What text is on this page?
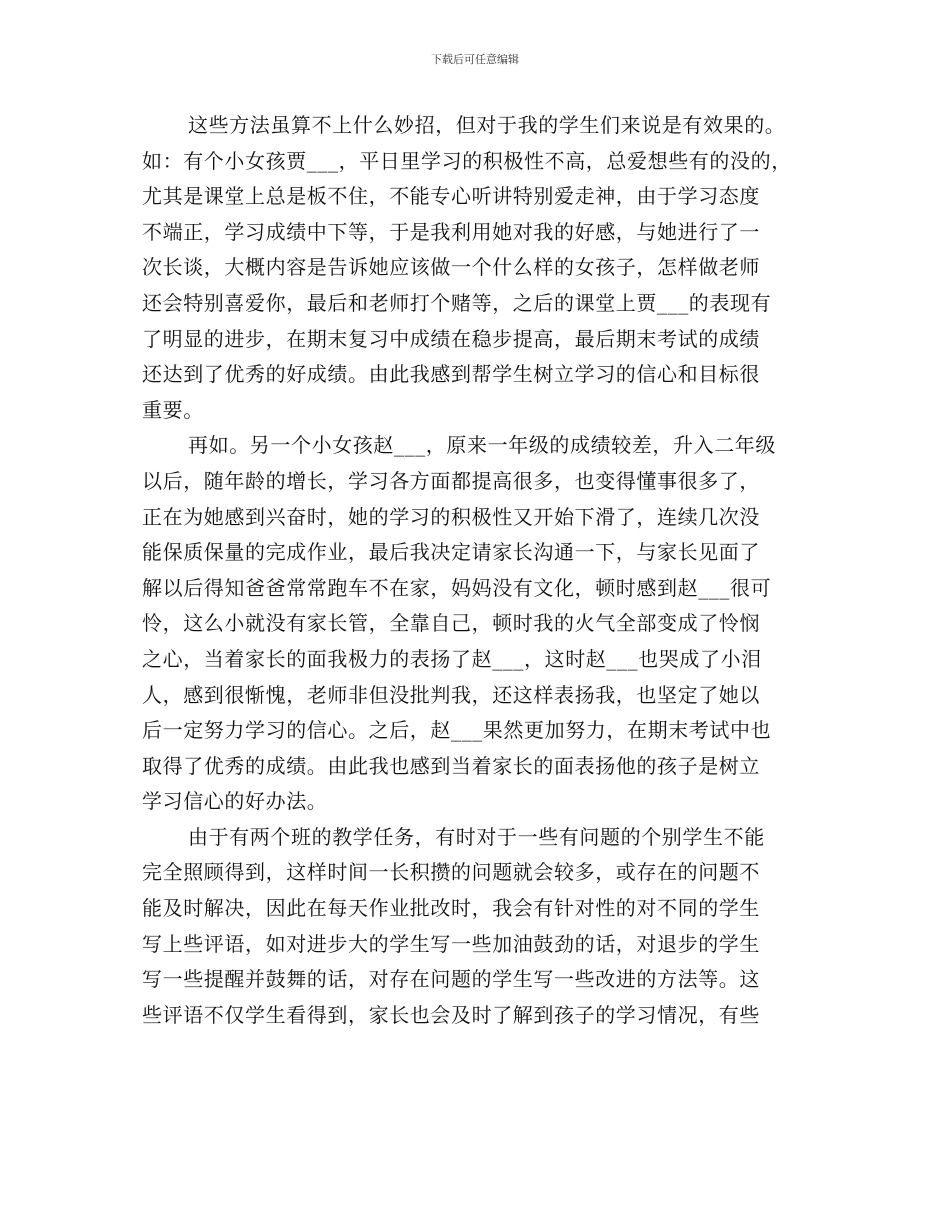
下载后可任意编辑
这些方法虽算不上什么妙招，但对于我的学生们来说是有效果的。
如：有个小女孩贾___，平日里学习的积极性不高，总爱想些有的没的，
尤其是课堂上总是板不住，不能专心听讲特别爱走神，由于学习态度
不端正，学习成绩中下等，于是我利用她对我的好感，与她进行了一
次长谈，大概内容是告诉她应该做一个什么样的女孩子，怎样做老师
还会特别喜爱你，最后和老师打个赌等，之后的课堂上贾___的表现有
了明显的进步，在期末复习中成绩在稳步提高，最后期末考试的成绩
还达到了优秀的好成绩。由此我感到帮学生树立学习的信心和目标很
重要。
再如。另一个小女孩赵___，原来一年级的成绩较差，升入二年级
以后，随年龄的增长，学习各方面都提高很多，也变得懂事很多了，
正在为她感到兴奋时，她的学习的积极性又开始下滑了，连续几次没
能保质保量的完成作业，最后我决定请家长沟通一下，与家长见面了
解以后得知爸爸常常跑车不在家，妈妈没有文化，顿时感到赵___很可
怜，这么小就没有家长管，全靠自己，顿时我的火气全部变成了怜悯
之心，当着家长的面我极力的表扬了赵___，这时赵___也哭成了小泪
人，感到很惭愧，老师非但没批判我，还这样表扬我，也坚定了她以
后一定努力学习的信心。之后，赵___果然更加努力，在期末考试中也
取得了优秀的成绩。由此我也感到当着家长的面表扬他的孩子是树立
学习信心的好办法。
由于有两个班的教学任务，有时对于一些有问题的个别学生不能
完全照顾得到，这样时间一长积攒的问题就会较多，或存在的问题不
能及时解决，因此在每天作业批改时，我会有针对性的对不同的学生
写上些评语，如对进步大的学生写一些加油鼓劲的话，对退步的学生
写一些提醒并鼓舞的话，对存在问题的学生写一些改进的方法等。这
些评语不仅学生看得到，家长也会及时了解到孩子的学习情况，有些
